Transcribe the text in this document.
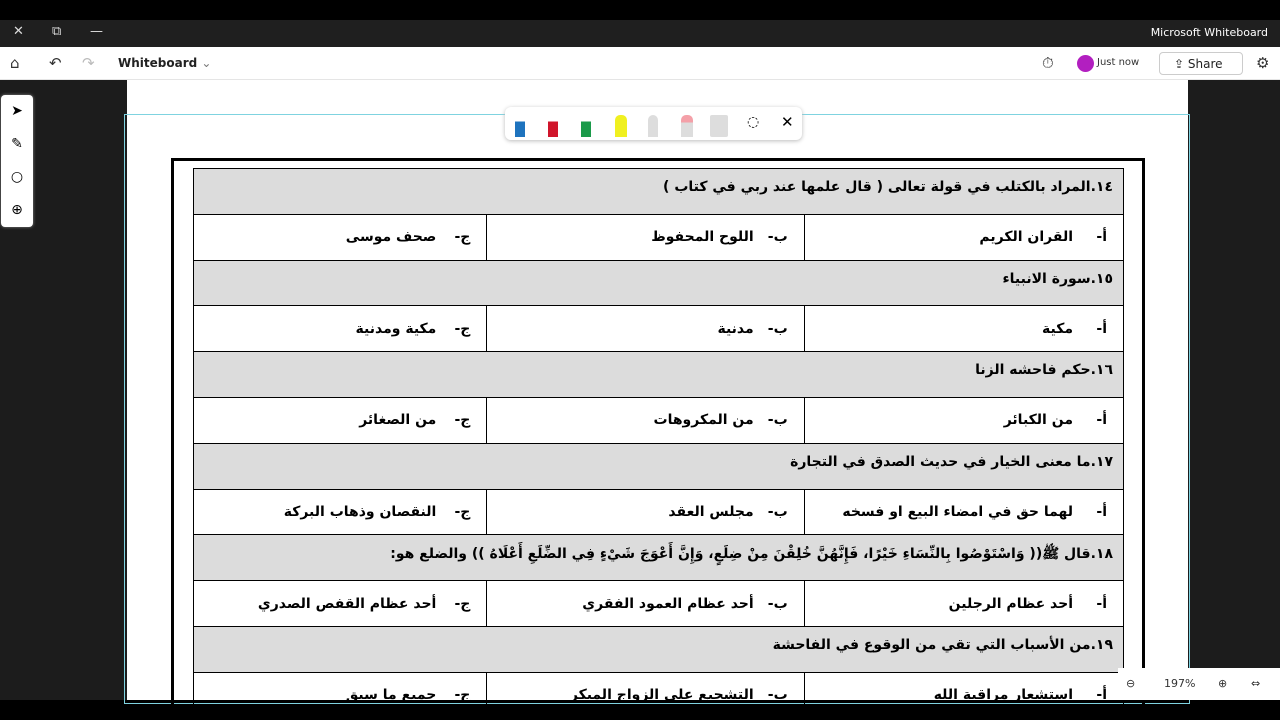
✕ ⧉ —	Microsoft Whiteboard
⌂ ↶ ↷ Whiteboard ⌄	⏱	Just now	⇪ Share	⚙
➤
✎
○
⊕
◌ ✕
١٤.المراد بالكتلب في قولة تعالى ( قال علمها عند ربي في كتاب )		
أ-القران الكريم	ب-اللوح المحفوظ	ج-صحف موسى
١٥.سورة الانبياء		
أ-مكية	ب-مدنية	ج-مكية ومدنية
١٦.حكم فاحشه الزنا		
أ-من الكبائر	ب-من المكروهات	ج-من الصغائر
١٧.ما معنى الخيار في حديث الصدق في التجارة		
أ-لهما حق في امضاء البيع او فسخه	ب-مجلس العقد	ج-النقصان وذهاب البركة
١٨.قال ﷺ(( وَاسْتَوْصُوا بِالنِّسَاءِ خَيْرًا، فَإِنَّهُنَّ خُلِقْنَ مِنْ ضِلَعٍ، وَإِنَّ أَعْوَجَ شَيْءٍ فِي الضِّلَعِ أَعْلَاهُ )) والضلع هو:		
أ-أحد عظام الرجلين	ب-أحد عظام العمود الفقري	ج-أحد عظام القفص الصدري
١٩.من الأسباب التي تقي من الوقوع في الفاحشة		
أ-استشعار مراقبة الله	ب-التشجيع على الزواج المبكر	ج-جميع ما سبق
⊖	197% ⊕ ⇔
